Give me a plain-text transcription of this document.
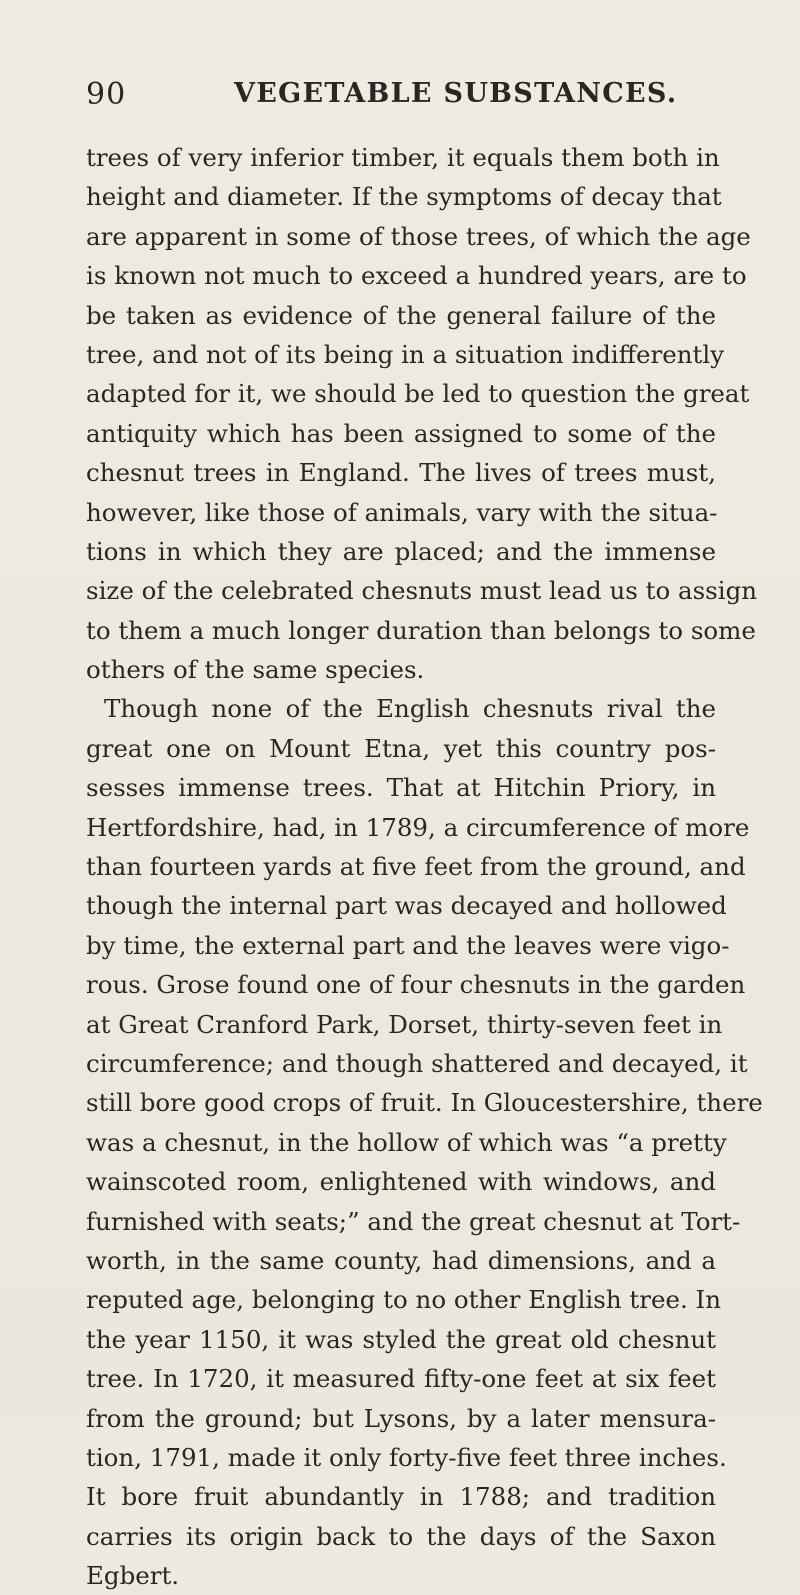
90	VEGETABLE SUBSTANCES.
trees of very inferior timber, it equals them both in
height and diameter. If the symptoms of decay that
are apparent in some of those trees, of which the age
is known not much to exceed a hundred years, are to
be taken as evidence of the general failure of the
tree, and not of its being in a situation indifferently
adapted for it, we should be led to question the great
antiquity which has been assigned to some of the
chesnut trees in England. The lives of trees must,
however, like those of animals, vary with the situa-
tions in which they are placed; and the immense
size of the celebrated chesnuts must lead us to assign
to them a much longer duration than belongs to some
others of the same species.
Though none of the English chesnuts rival the
great one on Mount Etna, yet this country pos-
sesses immense trees. That at Hitchin Priory, in
Hertfordshire, had, in 1789, a circumference of more
than fourteen yards at five feet from the ground, and
though the internal part was decayed and hollowed
by time, the external part and the leaves were vigo-
rous. Grose found one of four chesnuts in the garden
at Great Cranford Park, Dorset, thirty-seven feet in
circumference; and though shattered and decayed, it
still bore good crops of fruit. In Gloucestershire, there
was a chesnut, in the hollow of which was “a pretty
wainscoted room, enlightened with windows, and
furnished with seats;” and the great chesnut at Tort-
worth, in the same county, had dimensions, and a
reputed age, belonging to no other English tree. In
the year 1150, it was styled the great old chesnut
tree. In 1720, it measured fifty-one feet at six feet
from the ground; but Lysons, by a later mensura-
tion, 1791, made it only forty-five feet three inches.
It bore fruit abundantly in 1788; and tradition
carries its origin back to the days of the Saxon
Egbert.
